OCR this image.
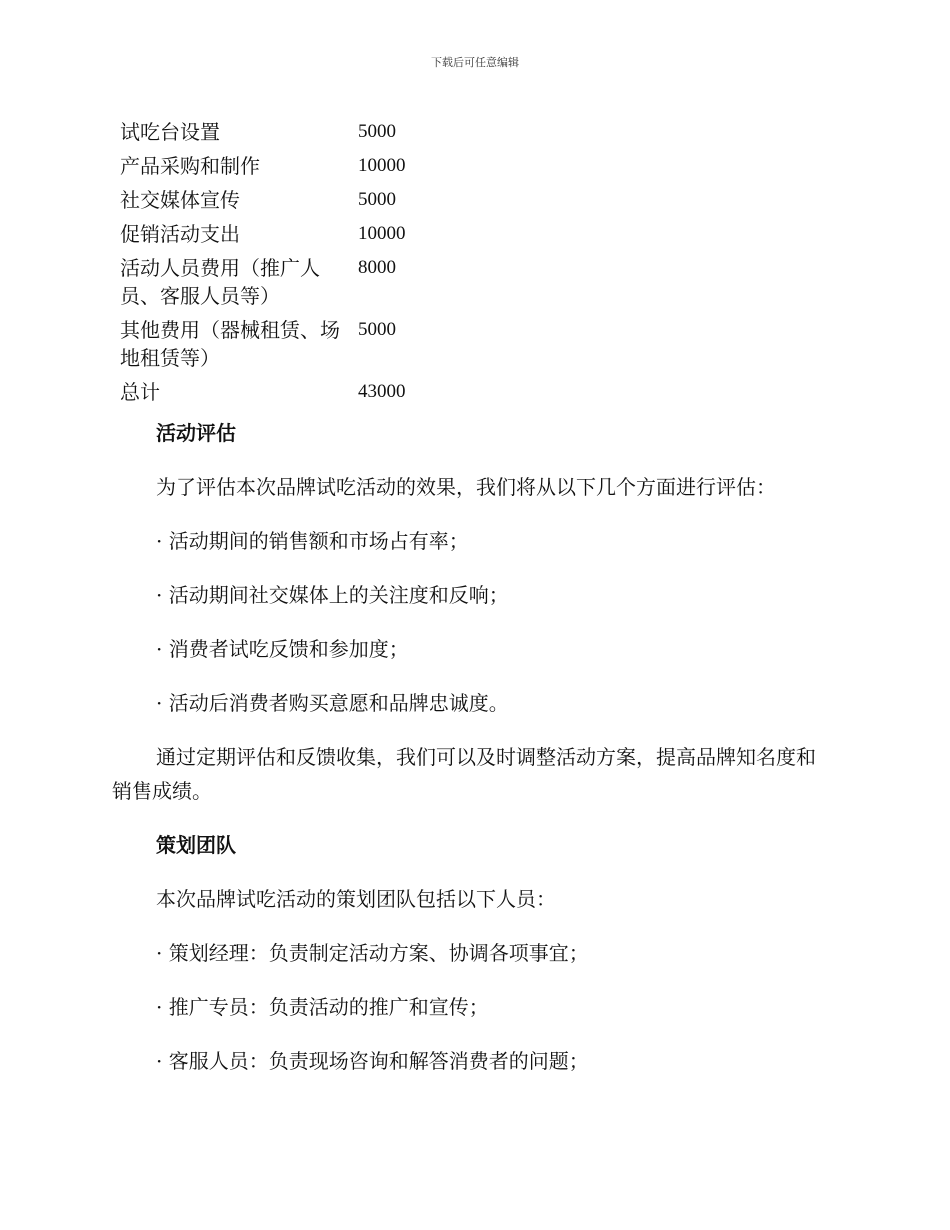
下载后可任意编辑
试吃台设置	5000
产品采购和制作	10000
社交媒体宣传	5000
促销活动支出	10000
活动人员费用（推广人员、客服人员等）	8000
其他费用（器械租赁、场地租赁等）	5000
总计	43000
活动评估
为了评估本次品牌试吃活动的效果，我们将从以下几个方面进行评估：
· 活动期间的销售额和市场占有率；
· 活动期间社交媒体上的关注度和反响；
· 消费者试吃反馈和参加度；
· 活动后消费者购买意愿和品牌忠诚度。
通过定期评估和反馈收集，我们可以及时调整活动方案，提高品牌知名度和销售成绩。
策划团队
本次品牌试吃活动的策划团队包括以下人员：
· 策划经理：负责制定活动方案、协调各项事宜；
· 推广专员：负责活动的推广和宣传；
· 客服人员：负责现场咨询和解答消费者的问题；
